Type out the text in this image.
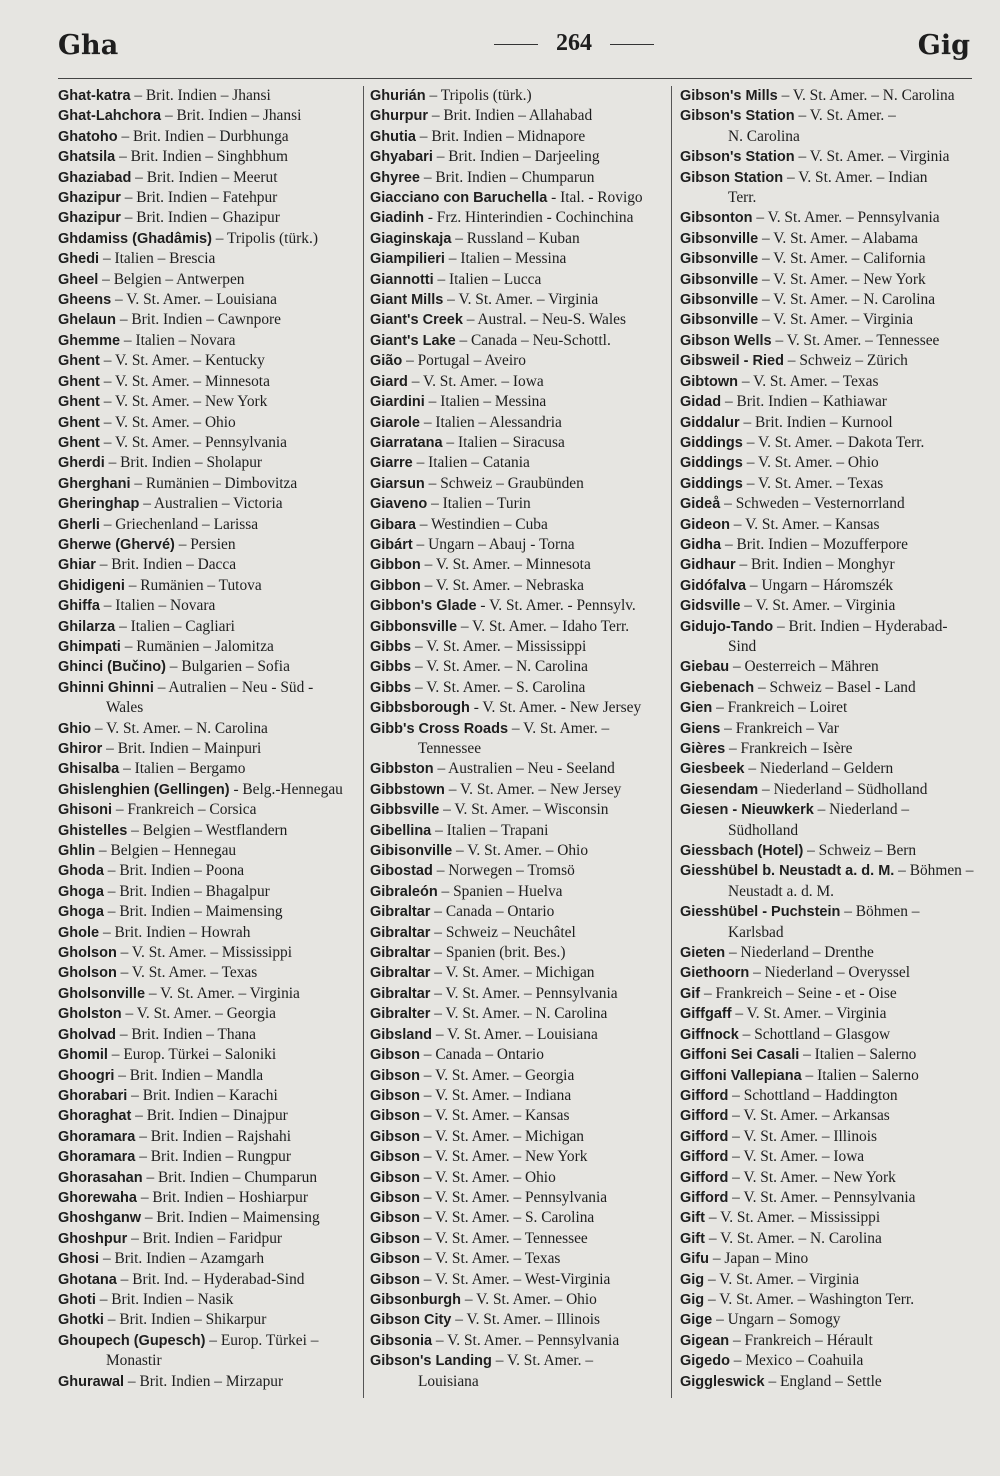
Gha	264	Gig
Ghat-katra – Brit. Indien – Jhansi
Ghat-Lahchora – Brit. Indien – Jhansi
Ghatoho – Brit. Indien – Durbhunga
Ghatsila – Brit. Indien – Singhbhum
Ghaziabad – Brit. Indien – Meerut
Ghazipur – Brit. Indien – Fatehpur
Ghazipur – Brit. Indien – Ghazipur
Ghdamiss (Ghadâmis) – Tripolis (türk.)
Ghedi – Italien – Brescia
Gheel – Belgien – Antwerpen
Gheens – V. St. Amer. – Louisiana
Ghelaun – Brit. Indien – Cawnpore
Ghemme – Italien – Novara
Ghent – V. St. Amer. – Kentucky
Ghent – V. St. Amer. – Minnesota
Ghent – V. St. Amer. – New York
Ghent – V. St. Amer. – Ohio
Ghent – V. St. Amer. – Pennsylvania
Gherdi – Brit. Indien – Sholapur
Gherghani – Rumänien – Dimbovitza
Gheringhap – Australien – Victoria
Gherli – Griechenland – Larissa
Gherwe (Ghervé) – Persien
Ghiar – Brit. Indien – Dacca
Ghidigeni – Rumänien – Tutova
Ghiffa – Italien – Novara
Ghilarza – Italien – Cagliari
Ghimpati – Rumänien – Jalomitza
Ghinci (Bučino) – Bulgarien – Sofia
Ghinni Ghinni – Autralien – Neu - Süd -
Wales
Ghio – V. St. Amer. – N. Carolina
Ghiror – Brit. Indien – Mainpuri
Ghisalba – Italien – Bergamo
Ghislenghien (Gellingen) - Belg.-Hennegau
Ghisoni – Frankreich – Corsica
Ghistelles – Belgien – Westflandern
Ghlin – Belgien – Hennegau
Ghoda – Brit. Indien – Poona
Ghoga – Brit. Indien – Bhagalpur
Ghoga – Brit. Indien – Maimensing
Ghole – Brit. Indien – Howrah
Gholson – V. St. Amer. – Mississippi
Gholson – V. St. Amer. – Texas
Gholsonville – V. St. Amer. – Virginia
Gholston – V. St. Amer. – Georgia
Gholvad – Brit. Indien – Thana
Ghomil – Europ. Türkei – Saloniki
Ghoogri – Brit. Indien – Mandla
Ghorabari – Brit. Indien – Karachi
Ghoraghat – Brit. Indien – Dinajpur
Ghoramara – Brit. Indien – Rajshahi
Ghoramara – Brit. Indien – Rungpur
Ghorasahan – Brit. Indien – Chumparun
Ghorewaha – Brit. Indien – Hoshiarpur
Ghoshganw – Brit. Indien – Maimensing
Ghoshpur – Brit. Indien – Faridpur
Ghosi – Brit. Indien – Azamgarh
Ghotana – Brit. Ind. – Hyderabad-Sind
Ghoti – Brit. Indien – Nasik
Ghotki – Brit. Indien – Shikarpur
Ghoupech (Gupesch) – Europ. Türkei –
Monastir
Ghurawal – Brit. Indien – Mirzapur
Ghurián – Tripolis (türk.)
Ghurpur – Brit. Indien – Allahabad
Ghutia – Brit. Indien – Midnapore
Ghyabari – Brit. Indien – Darjeeling
Ghyree – Brit. Indien – Chumparun
Giacciano con Baruchella - Ital. - Rovigo
Giadinh - Frz. Hinterindien - Cochinchina
Giaginskaja – Russland – Kuban
Giampilieri – Italien – Messina
Giannotti – Italien – Lucca
Giant Mills – V. St. Amer. – Virginia
Giant's Creek – Austral. – Neu-S. Wales
Giant's Lake – Canada – Neu-Schottl.
Gião – Portugal – Aveiro
Giard – V. St. Amer. – Iowa
Giardini – Italien – Messina
Giarole – Italien – Alessandria
Giarratana – Italien – Siracusa
Giarre – Italien – Catania
Giarsun – Schweiz – Graubünden
Giaveno – Italien – Turin
Gibara – Westindien – Cuba
Gibárt – Ungarn – Abauj - Torna
Gibbon – V. St. Amer. – Minnesota
Gibbon – V. St. Amer. – Nebraska
Gibbon's Glade - V. St. Amer. - Pennsylv.
Gibbonsville – V. St. Amer. – Idaho Terr.
Gibbs – V. St. Amer. – Mississippi
Gibbs – V. St. Amer. – N. Carolina
Gibbs – V. St. Amer. – S. Carolina
Gibbsborough - V. St. Amer. - New Jersey
Gibb's Cross Roads – V. St. Amer. –
Tennessee
Gibbston – Australien – Neu - Seeland
Gibbstown – V. St. Amer. – New Jersey
Gibbsville – V. St. Amer. – Wisconsin
Gibellina – Italien – Trapani
Gibisonville – V. St. Amer. – Ohio
Gibostad – Norwegen – Tromsö
Gibraleón – Spanien – Huelva
Gibraltar – Canada – Ontario
Gibraltar – Schweiz – Neuchâtel
Gibraltar – Spanien (brit. Bes.)
Gibraltar – V. St. Amer. – Michigan
Gibraltar – V. St. Amer. – Pennsylvania
Gibralter – V. St. Amer. – N. Carolina
Gibsland – V. St. Amer. – Louisiana
Gibson – Canada – Ontario
Gibson – V. St. Amer. – Georgia
Gibson – V. St. Amer. – Indiana
Gibson – V. St. Amer. – Kansas
Gibson – V. St. Amer. – Michigan
Gibson – V. St. Amer. – New York
Gibson – V. St. Amer. – Ohio
Gibson – V. St. Amer. – Pennsylvania
Gibson – V. St. Amer. – S. Carolina
Gibson – V. St. Amer. – Tennessee
Gibson – V. St. Amer. – Texas
Gibson – V. St. Amer. – West-Virginia
Gibsonburgh – V. St. Amer. – Ohio
Gibson City – V. St. Amer. – Illinois
Gibsonia – V. St. Amer. – Pennsylvania
Gibson's Landing – V. St. Amer. –
Louisiana
Gibson's Mills – V. St. Amer. – N. Carolina
Gibson's Station – V. St. Amer. –
N. Carolina
Gibson's Station – V. St. Amer. – Virginia
Gibson Station – V. St. Amer. – Indian
Terr.
Gibsonton – V. St. Amer. – Pennsylvania
Gibsonville – V. St. Amer. – Alabama
Gibsonville – V. St. Amer. – California
Gibsonville – V. St. Amer. – New York
Gibsonville – V. St. Amer. – N. Carolina
Gibsonville – V. St. Amer. – Virginia
Gibson Wells – V. St. Amer. – Tennessee
Gibsweil - Ried – Schweiz – Zürich
Gibtown – V. St. Amer. – Texas
Gidad – Brit. Indien – Kathiawar
Giddalur – Brit. Indien – Kurnool
Giddings – V. St. Amer. – Dakota Terr.
Giddings – V. St. Amer. – Ohio
Giddings – V. St. Amer. – Texas
Gideå – Schweden – Vesternorrland
Gideon – V. St. Amer. – Kansas
Gidha – Brit. Indien – Mozufferpore
Gidhaur – Brit. Indien – Monghyr
Gidófalva – Ungarn – Háromszék
Gidsville – V. St. Amer. – Virginia
Gidujo-Tando – Brit. Indien – Hyderabad-
Sind
Giebau – Oesterreich – Mähren
Giebenach – Schweiz – Basel - Land
Gien – Frankreich – Loiret
Giens – Frankreich – Var
Gières – Frankreich – Isère
Giesbeek – Niederland – Geldern
Giesendam – Niederland – Südholland
Giesen - Nieuwkerk – Niederland –
Südholland
Giessbach (Hotel) – Schweiz – Bern
Giesshübel b. Neustadt a. d. M. – Böhmen –
Neustadt a. d. M.
Giesshübel - Puchstein – Böhmen –
Karlsbad
Gieten – Niederland – Drenthe
Giethoorn – Niederland – Overyssel
Gif – Frankreich – Seine - et - Oise
Giffgaff – V. St. Amer. – Virginia
Giffnock – Schottland – Glasgow
Giffoni Sei Casali – Italien – Salerno
Giffoni Vallepiana – Italien – Salerno
Gifford – Schottland – Haddington
Gifford – V. St. Amer. – Arkansas
Gifford – V. St. Amer. – Illinois
Gifford – V. St. Amer. – Iowa
Gifford – V. St. Amer. – New York
Gifford – V. St. Amer. – Pennsylvania
Gift – V. St. Amer. – Mississippi
Gift – V. St. Amer. – N. Carolina
Gifu – Japan – Mino
Gig – V. St. Amer. – Virginia
Gig – V. St. Amer. – Washington Terr.
Gige – Ungarn – Somogy
Gigean – Frankreich – Hérault
Gigedo – Mexico – Coahuila
Giggleswick – England – Settle
